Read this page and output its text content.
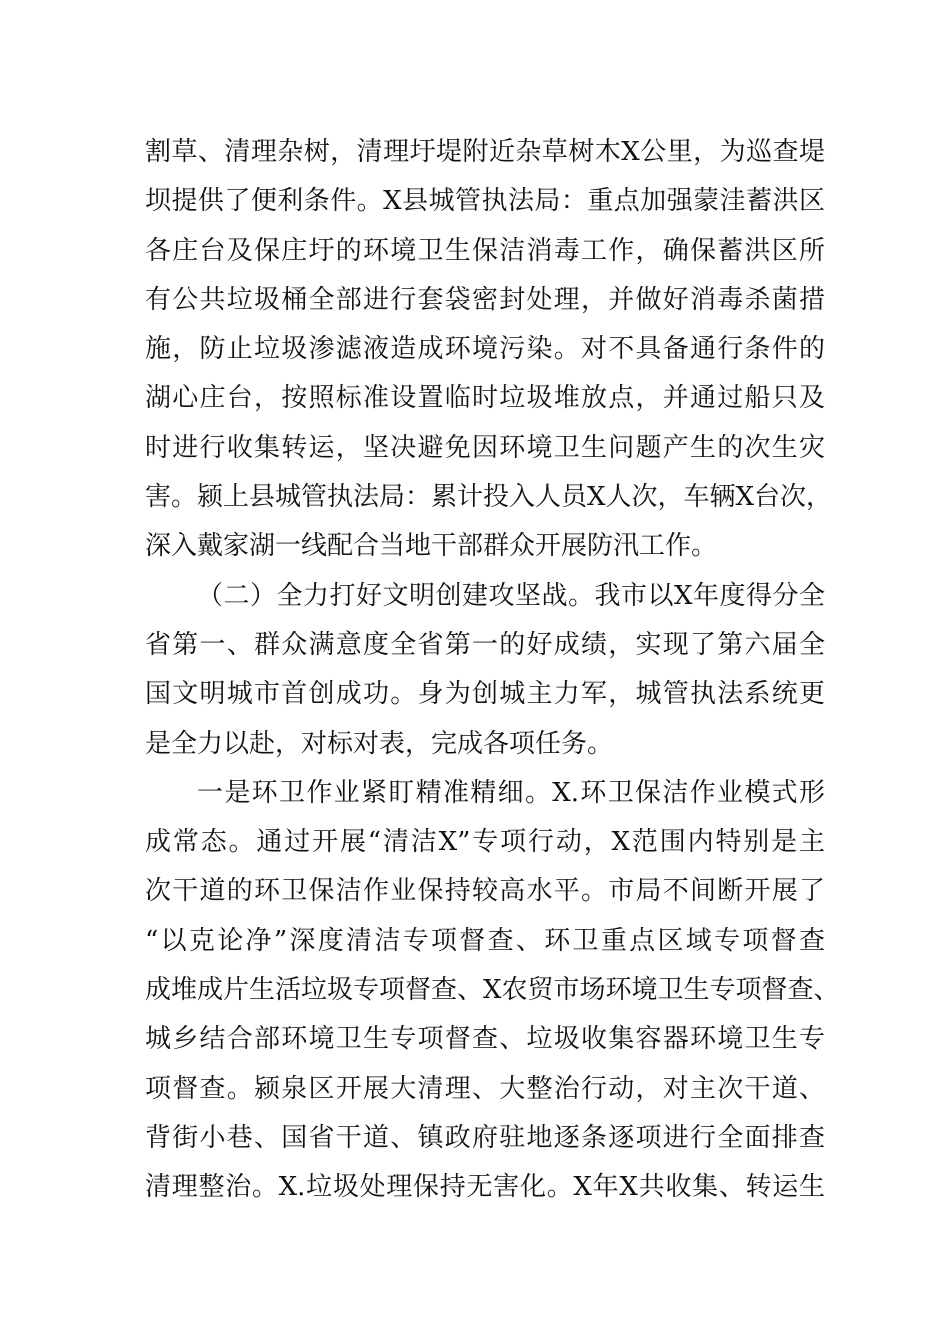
割草、清理杂树，清理圩堤附近杂草树木X公里，为巡查堤
坝提供了便利条件。X县城管执法局：重点加强蒙洼蓄洪区
各庄台及保庄圩的环境卫生保洁消毒工作，确保蓄洪区所
有公共垃圾桶全部进行套袋密封处理，并做好消毒杀菌措
施，防止垃圾渗滤液造成环境污染。对不具备通行条件的
湖心庄台，按照标准设置临时垃圾堆放点，并通过船只及
时进行收集转运，坚决避免因环境卫生问题产生的次生灾
害。颍上县城管执法局：累计投入人员X人次，车辆X台次，
深入戴家湖一线配合当地干部群众开展防汛工作。
（二）全力打好文明创建攻坚战。我市以X年度得分全
省第一、群众满意度全省第一的好成绩，实现了第六届全
国文明城市首创成功。身为创城主力军，城管执法系统更
是全力以赴，对标对表，完成各项任务。
一是环卫作业紧盯精准精细。X.环卫保洁作业模式形
成常态。通过开展“清洁X”专项行动，X范围内特别是主
次干道的环卫保洁作业保持较高水平。市局不间断开展了
“以克论净”深度清洁专项督查、环卫重点区域专项督查
成堆成片生活垃圾专项督查、X农贸市场环境卫生专项督查、
城乡结合部环境卫生专项督查、垃圾收集容器环境卫生专
项督查。颍泉区开展大清理、大整治行动，对主次干道、
背街小巷、国省干道、镇政府驻地逐条逐项进行全面排查
清理整治。X.垃圾处理保持无害化。X年X共收集、转运生
